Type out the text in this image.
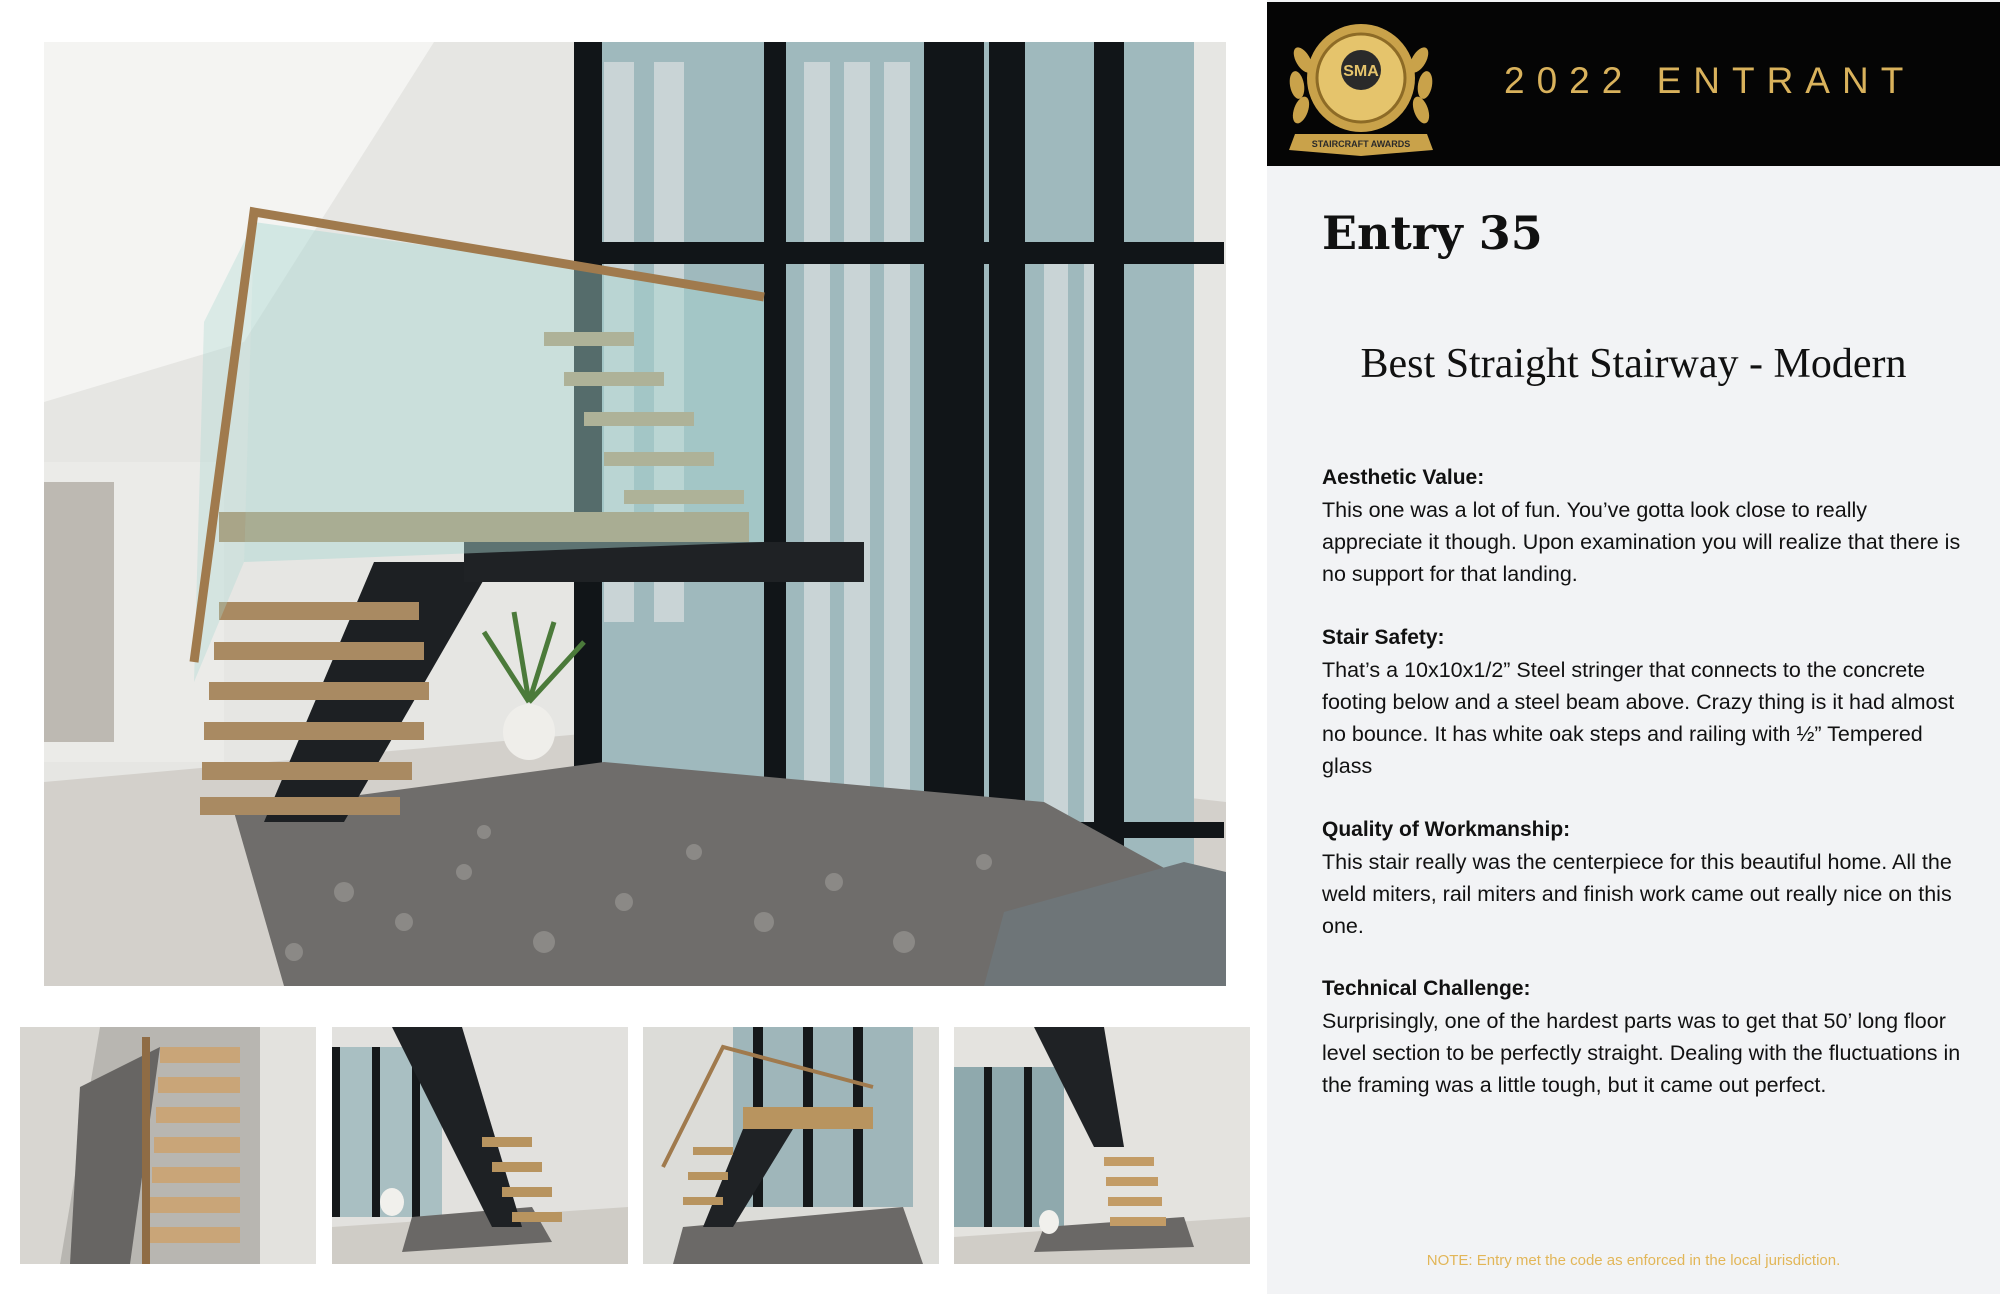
SMA
STAIRCRAFT AWARDS
2022 ENTRANT
Entry 35
Best Straight Stairway - Modern
Aesthetic Value:
This one was a lot of fun. You’ve gotta look close to really appreciate it though. Upon examination you will realize that there is no support for that landing.
Stair Safety:
That’s a 10x10x1/2” Steel stringer that connects to the concrete footing below and a steel beam above. Crazy thing is it had almost no bounce. It has white oak steps and railing with ½” Tempered glass
Quality of Workmanship:
This stair really was the centerpiece for this beautiful home. All the weld miters, rail miters and finish work came out really nice on this one.
Technical Challenge:
Surprisingly, one of the hardest parts was to get that 50’ long floor level section to be perfectly straight. Dealing with the fluctuations in the framing was a little tough, but it came out perfect.
NOTE: Entry met the code as enforced in the local jurisdiction.
